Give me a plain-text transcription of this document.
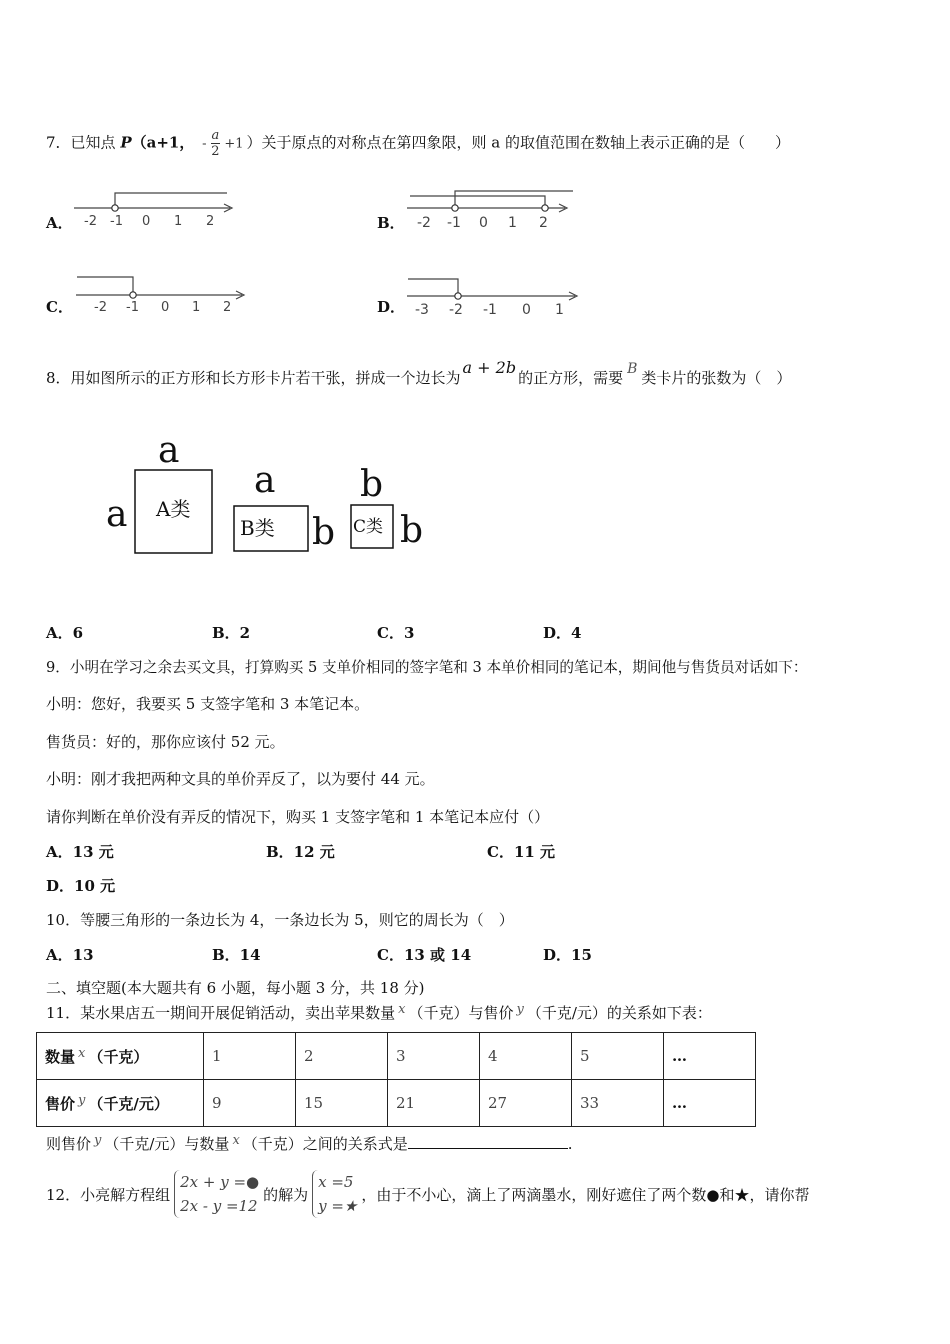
7．已知点 P（a+1， - $\frac{a}{2} +1$ ）关于原点的对称点在第四象限，则 a 的取值范围在数轴上表示正确的是（　　）
A． -2 -1 0 1 2	B． -2 -1 0 1 2
C． -2 -1 0 1 2	D． -3 -2 -1 0 1
8．用如图所示的正方形和长方形卡片若干张，拼成一个边长为a + 2b的正方形，需要 B 类卡片的张数为（　）
a
a A类
a
B类 b
b
C类 b
A．6	B．2	C．3	D．4
9．小明在学习之余去买文具，打算购买 5 支单价相同的签字笔和 3 本单价相同的笔记本，期间他与售货员对话如下：
小明：您好，我要买 5 支签字笔和 3 本笔记本。
售货员：好的，那你应该付 52 元。
小明：刚才我把两种文具的单价弄反了，以为要付 44 元。
请你判断在单价没有弄反的情况下，购买 1 支签字笔和 1 本笔记本应付（）
A．13 元	B．12 元	C．11 元
D．10 元
10．等腰三角形的一条边长为 4，一条边长为 5，则它的周长为（　）
A．13	B．14	C．13 或 14	D．15
二、填空题(本大题共有 6 小题，每小题 3 分，共 18 分)
11．某水果店五一期间开展促销活动，卖出苹果数量 x （千克）与售价 y （千克/元）的关系如下表：
数量 x （千克）	1	2	3	4	5	…
售价 y （千克/元）	9	15	21	27	33	…
则售价 y （千克/元）与数量 x （千克）之间的关系式是	.
12．小亮解方程组
2x + y =●
2x - y =12
的解为
x =5
y =★
，由于不小心，滴上了两滴墨水，刚好遮住了两个数●和★，请你帮
